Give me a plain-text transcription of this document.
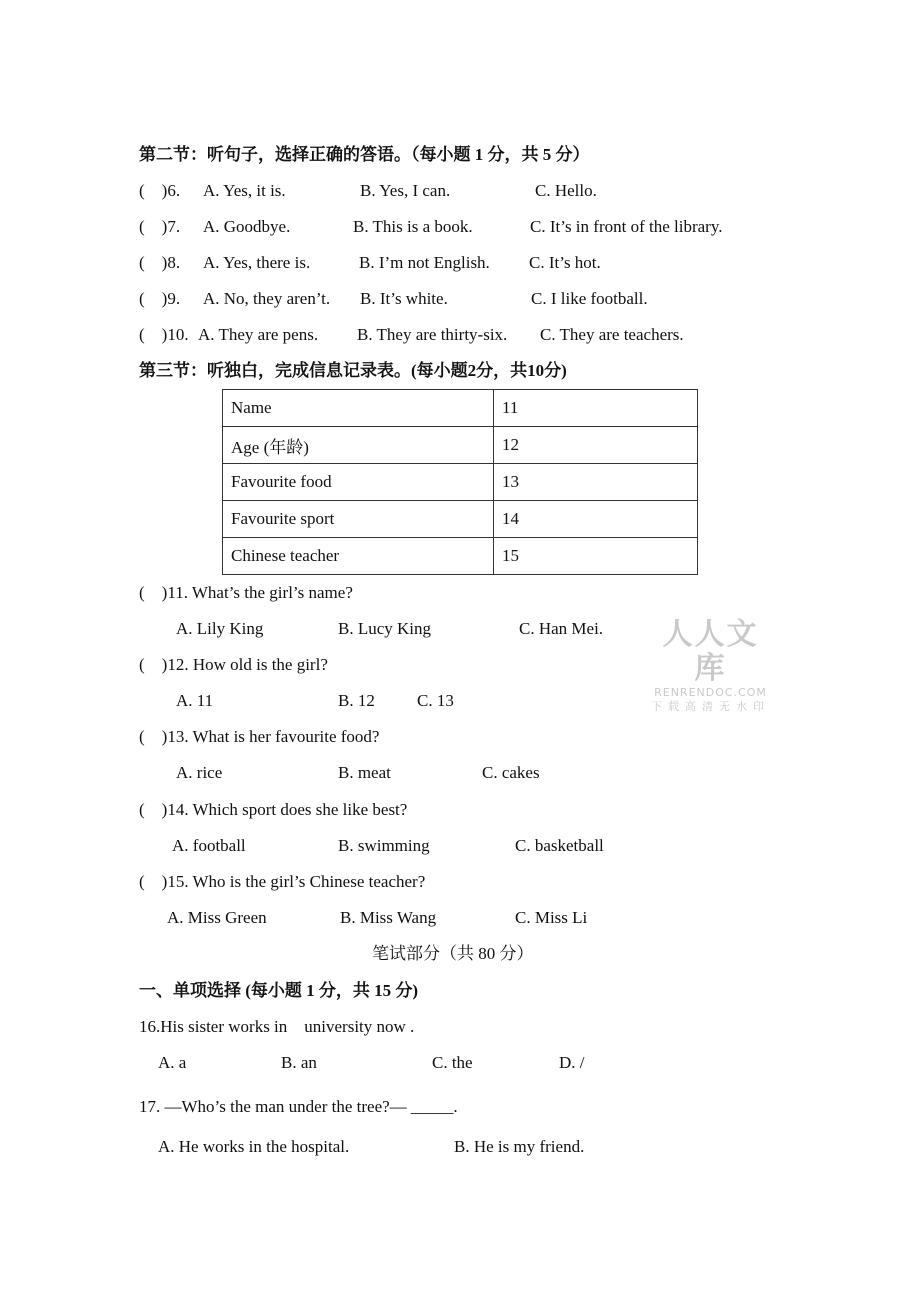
第二节：听句子，选择正确的答语。（每小题 1 分，共 5 分）
(    )6. A. Yes, it is.	B. Yes, I can.	C. Hello.
(    )7. A. Goodbye.	B. This is a book.	C. It’s in front of the library.
(    )8. A. Yes, there is.	B. I’m not English. C. It’s hot.
(    )9. A. No, they aren’t. B. It’s white.	C. I like football.
(    )10. A. They are pens. B. They are thirty-six. C. They are teachers.
第三节：听独白，完成信息记录表。(每小题2分，共10分)
Name	11
Age (年龄)	12
Favourite food	13
Favourite sport	14
Chinese teacher	15
(    )11. What’s the girl’s name?
A. Lily King	B. Lucy King	C. Han Mei.
(    )12. How old is the girl?
A. 11	B. 12 C. 13
(    )13. What is her favourite food?
A. rice	B. meat	C. cakes
(    )14. Which sport does she like best?
A. football	B. swimming	C. basketball
(    )15. Who is the girl’s Chinese teacher?
A. Miss Green	B. Miss Wang	C. Miss Li
笔试部分（共 80 分）
一、单项选择 (每小题 1 分，共 15 分)
16.His sister works in    university now .
A. a	B. an	C. the	D. /
17. —Who’s the man under the tree?— _____.
A. He works in the hospital.	B. He is my friend.
人人文库
RENRENDOC.COM
下载高清无水印
